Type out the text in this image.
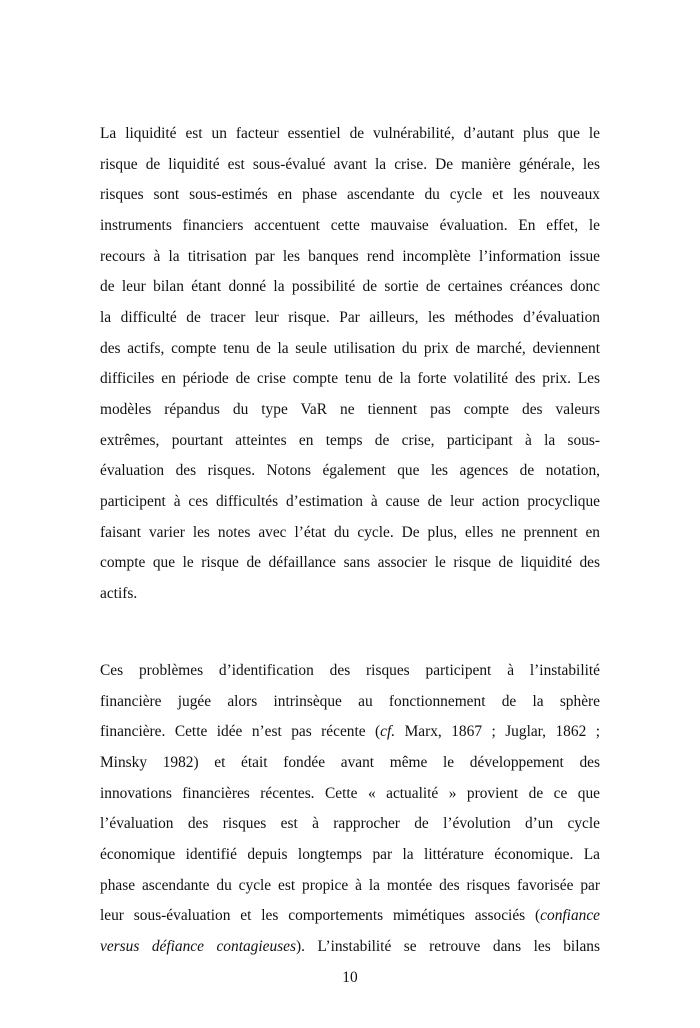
La liquidité est un facteur essentiel de vulnérabilité, d’autant plus que le
risque de liquidité est sous-évalué avant la crise. De manière générale, les
risques sont sous-estimés en phase ascendante du cycle et les nouveaux
instruments financiers accentuent cette mauvaise évaluation. En effet, le
recours à la titrisation par les banques rend incomplète l’information issue
de leur bilan étant donné la possibilité de sortie de certaines créances donc
la difficulté de tracer leur risque. Par ailleurs, les méthodes d’évaluation
des actifs, compte tenu de la seule utilisation du prix de marché, deviennent
difficiles en période de crise compte tenu de la forte volatilité des prix. Les
modèles répandus du type VaR ne tiennent pas compte des valeurs
extrêmes, pourtant atteintes en temps de crise, participant à la sous-
évaluation des risques. Notons également que les agences de notation,
participent à ces difficultés d’estimation à cause de leur action procyclique
faisant varier les notes avec l’état du cycle. De plus, elles ne prennent en
compte que le risque de défaillance sans associer le risque de liquidité des
actifs.
Ces problèmes d’identification des risques participent à l’instabilité
financière jugée alors intrinsèque au fonctionnement de la sphère
financière. Cette idée n’est pas récente (cf. Marx, 1867 ; Juglar, 1862 ;
Minsky 1982) et était fondée avant même le développement des
innovations financières récentes. Cette « actualité » provient de ce que
l’évaluation des risques est à rapprocher de l’évolution d’un cycle
économique identifié depuis longtemps par la littérature économique. La
phase ascendante du cycle est propice à la montée des risques favorisée par
leur sous-évaluation et les comportements mimétiques associés (confiance
versus défiance contagieuses). L’instabilité se retrouve dans les bilans
10
